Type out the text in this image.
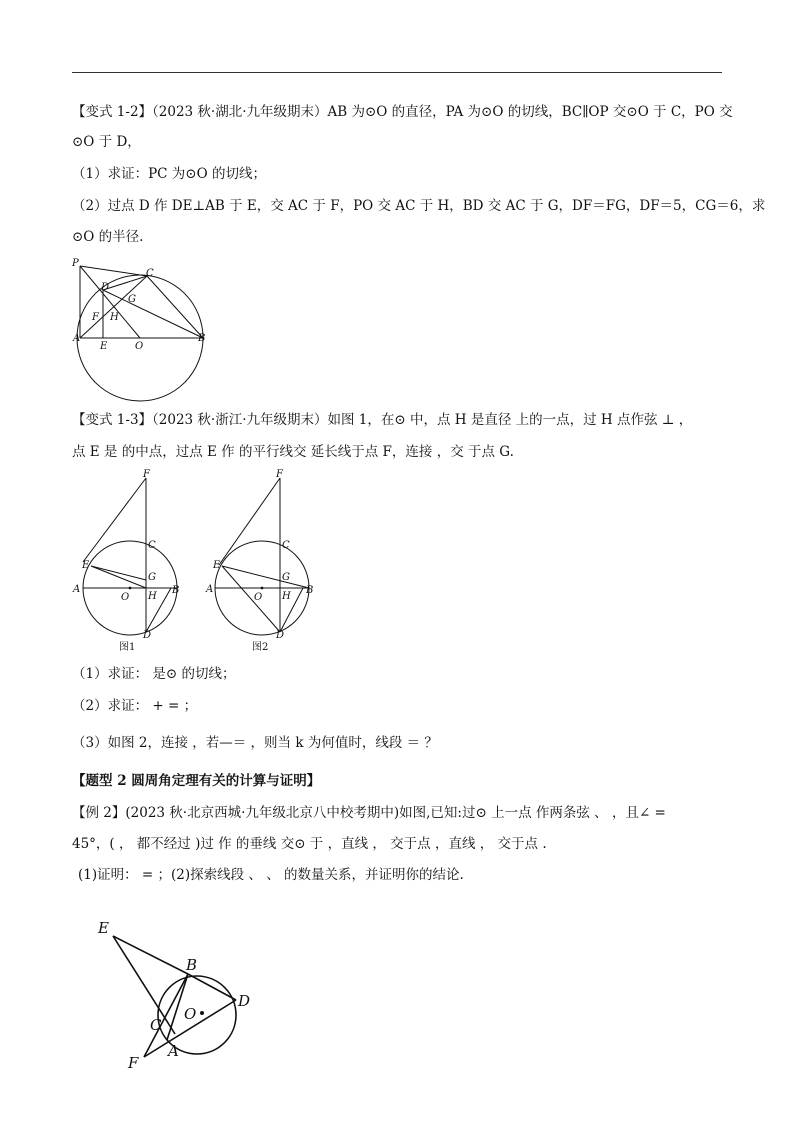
【变式 1-2】（2023 秋·湖北·九年级期末）AB 为⊙O 的直径，PA 为⊙O 的切线，BC∥OP 交⊙O 于 C，PO 交
⊙O 于 D，
（1）求证：PC 为⊙O 的切线；
（2）过点 D 作 DE⊥AB 于 E，交 AC 于 F，PO 交 AC 于 H，BD 交 AC 于 G，DF＝FG，DF＝5，CG＝6，求
⊙O 的半径.
P
C
D
G
F H
A
E	O
B
【变式 1-3】（2023 秋·浙江·九年级期末）如图 1，在⊙ 中，点 H 是直径 上的一点，过 H 点作弦 ⊥ ，
点 E 是 的中点，过点 E 作 的平行线交 延长线于点 F，连接 ，交 于点 G.
F
C
E
G
A
O H
B
D
图1
F
C
E
G
A
O H
B
D
图2
（1）求证： 是⊙ 的切线；
（2）求证： + = ；
（3）如图 2，连接 ，若—＝ ，则当 k 为何值时，线段 ＝ ？
【题型 2 圆周角定理有关的计算与证明】
【例 2】(2023 秋·北京西城·九年级北京八中校考期中)如图,已知:过⊙ 上一点 作两条弦 、 ，且∠ =
45°，( ， 都不经过 )过 作 的垂线 交⊙ 于 ，直线 ， 交于点 ，直线 ， 交于点 .
(1)证明： = ；(2)探索线段 、 、 的数量关系，并证明你的结论.
E
B
D
C
O
A
F
